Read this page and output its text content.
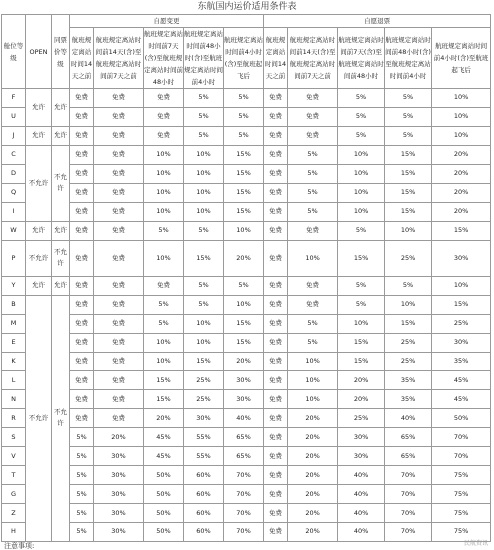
东航国内运价适用条件表
舱位等级	OPEN	同票价等级	自愿变更					自愿退票				
			航班规定离站时间14天之前	航班规定离站时间前14天(含)至航班规定离站时间前7天之前	航班规定离站时间前7天(含)至航班规定离站时间前48小时	航班规定离站时间前48小时(含)至航班规定离站时间前4小时	航班规定离站时间前4小时(含)至航班起飞后	航班规定离站时间14天之前	航班规定离站时间前14天(含)至航班规定离站时间前7天之前	航班规定离站时间前7天(含)至航班规定离站时间前48小时	航班规定离站时间前48小时(含)至航班规定离站时间前4小时	航班规定离站时间前4小时(含)至航班起飞后
F	允许	允许	免费	免费	免费	5%	5%	免费	免费	5%	5%	10%
U			免费	免费	免费	5%	5%	免费	免费	5%	5%	10%
J	允许	允许	免费	免费	免费	5%	5%	免费	免费	5%	5%	10%
C	不允许	不允许	免费	免费	10%	10%	15%	免费	5%	10%	15%	20%
D			免费	免费	10%	10%	15%	免费	5%	10%	15%	20%
Q			免费	免费	10%	10%	15%	免费	5%	10%	15%	20%
I			免费	免费	10%	10%	15%	免费	5%	10%	15%	20%
W	允许	允许	免费	免费	5%	5%	10%	免费	免费	5%	10%	15%
P	不允许	不允许	免费	免费	10%	15%	20%	免费	10%	15%	25%	30%
Y	允许	允许	免费	免费	免费	5%	5%	免费	免费	5%	5%	10%
B	不允许	不允许	免费	免费	5%	5%	10%	免费	免费	5%	10%	15%
M			免费	免费	5%	10%	15%	免费	5%	10%	15%	25%
E			免费	免费	10%	10%	15%	免费	5%	15%	25%	30%
K			免费	免费	10%	15%	20%	免费	10%	15%	25%	35%
L			免费	免费	15%	25%	30%	免费	10%	20%	35%	45%
N			免费	免费	15%	25%	30%	免费	10%	20%	35%	45%
R			免费	免费	20%	30%	40%	免费	20%	25%	40%	50%
S			5%	20%	45%	55%	65%	免费	20%	30%	65%	70%
V			5%	30%	45%	55%	65%	免费	20%	30%	65%	70%
T			5%	30%	50%	60%	70%	免费	20%	40%	70%	75%
G			5%	30%	50%	60%	70%	免费	20%	40%	70%	75%
Z			5%	30%	50%	60%	70%	免费	20%	40%	70%	75%
H			5%	30%	50%	60%	70%	免费	20%	40%	70%	75%
注意事项:	民航资讯
